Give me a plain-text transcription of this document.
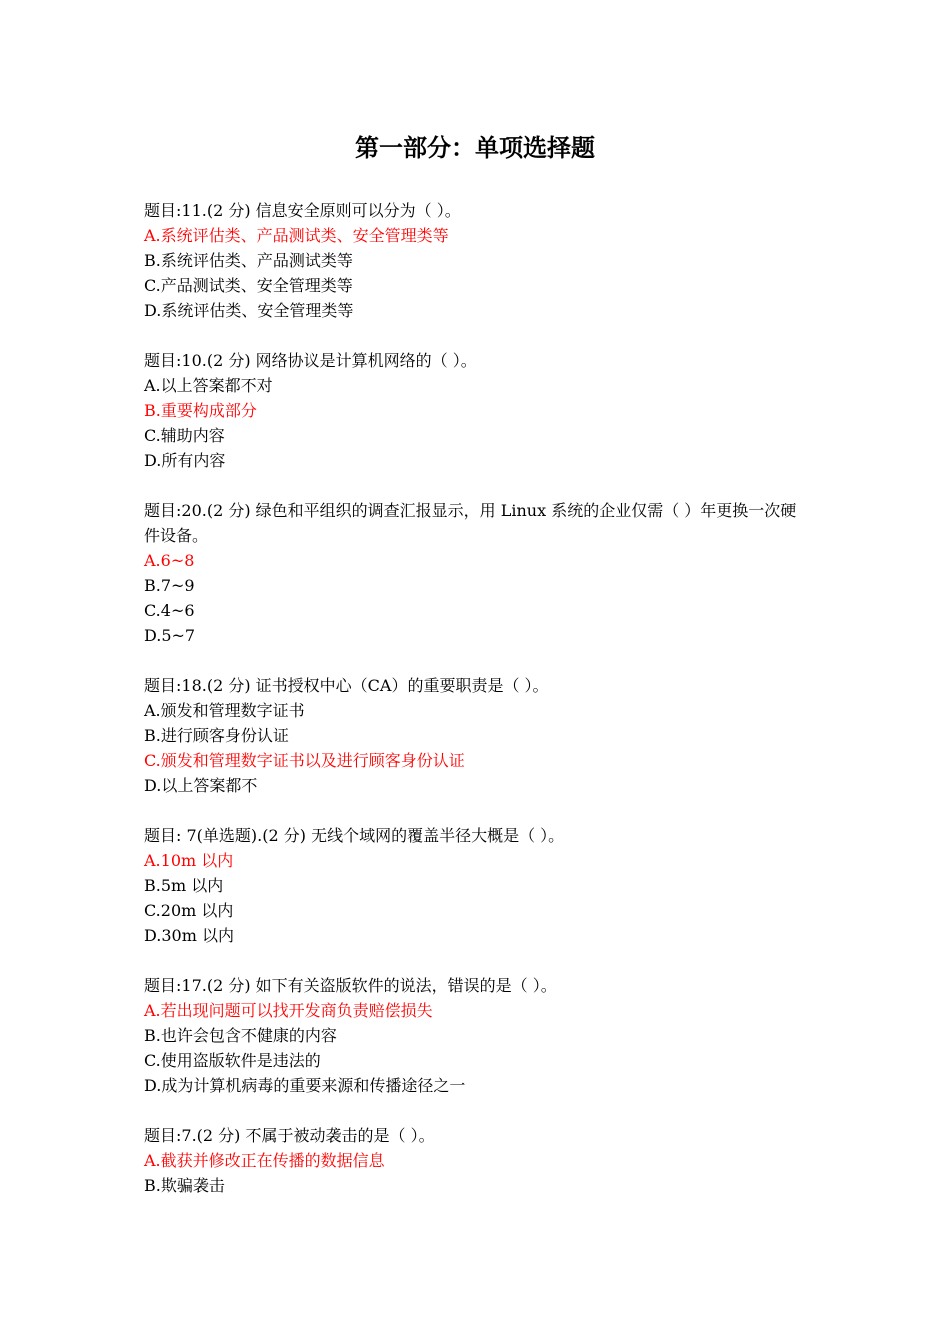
第一部分：单项选择题

题目:11.(2 分) 信息安全原则可以分为（ ）。

A.系统评估类、产品测试类、安全管理类等

B.系统评估类、产品测试类等

C.产品测试类、安全管理类等

D.系统评估类、安全管理类等

题目:10.(2 分) 网络协议是计算机网络的（ ）。

A.以上答案都不对

B.重要构成部分

C.辅助内容

D.所有内容

题目:20.(2 分) 绿色和平组织的调查汇报显示，用 Linux 系统的企业仅需（ ）年更换一次硬件设备。

A.6~8

B.7~9

C.4~6

D.5~7

题目:18.(2 分) 证书授权中心（CA）的重要职责是（ ）。

A.颁发和管理数字证书

B.进行顾客身份认证

C.颁发和管理数字证书以及进行顾客身份认证

D.以上答案都不

题目: 7(单选题).(2 分) 无线个域网的覆盖半径大概是（ ）。

A.10m 以内

B.5m 以内

C.20m 以内

D.30m 以内

题目:17.(2 分) 如下有关盗版软件的说法，错误的是（ ）。

A.若出现问题可以找开发商负责赔偿损失

B.也许会包含不健康的内容

C.使用盗版软件是违法的

D.成为计算机病毒的重要来源和传播途径之一

题目:7.(2 分) 不属于被动袭击的是（ ）。

A.截获并修改正在传播的数据信息

B.欺骗袭击
